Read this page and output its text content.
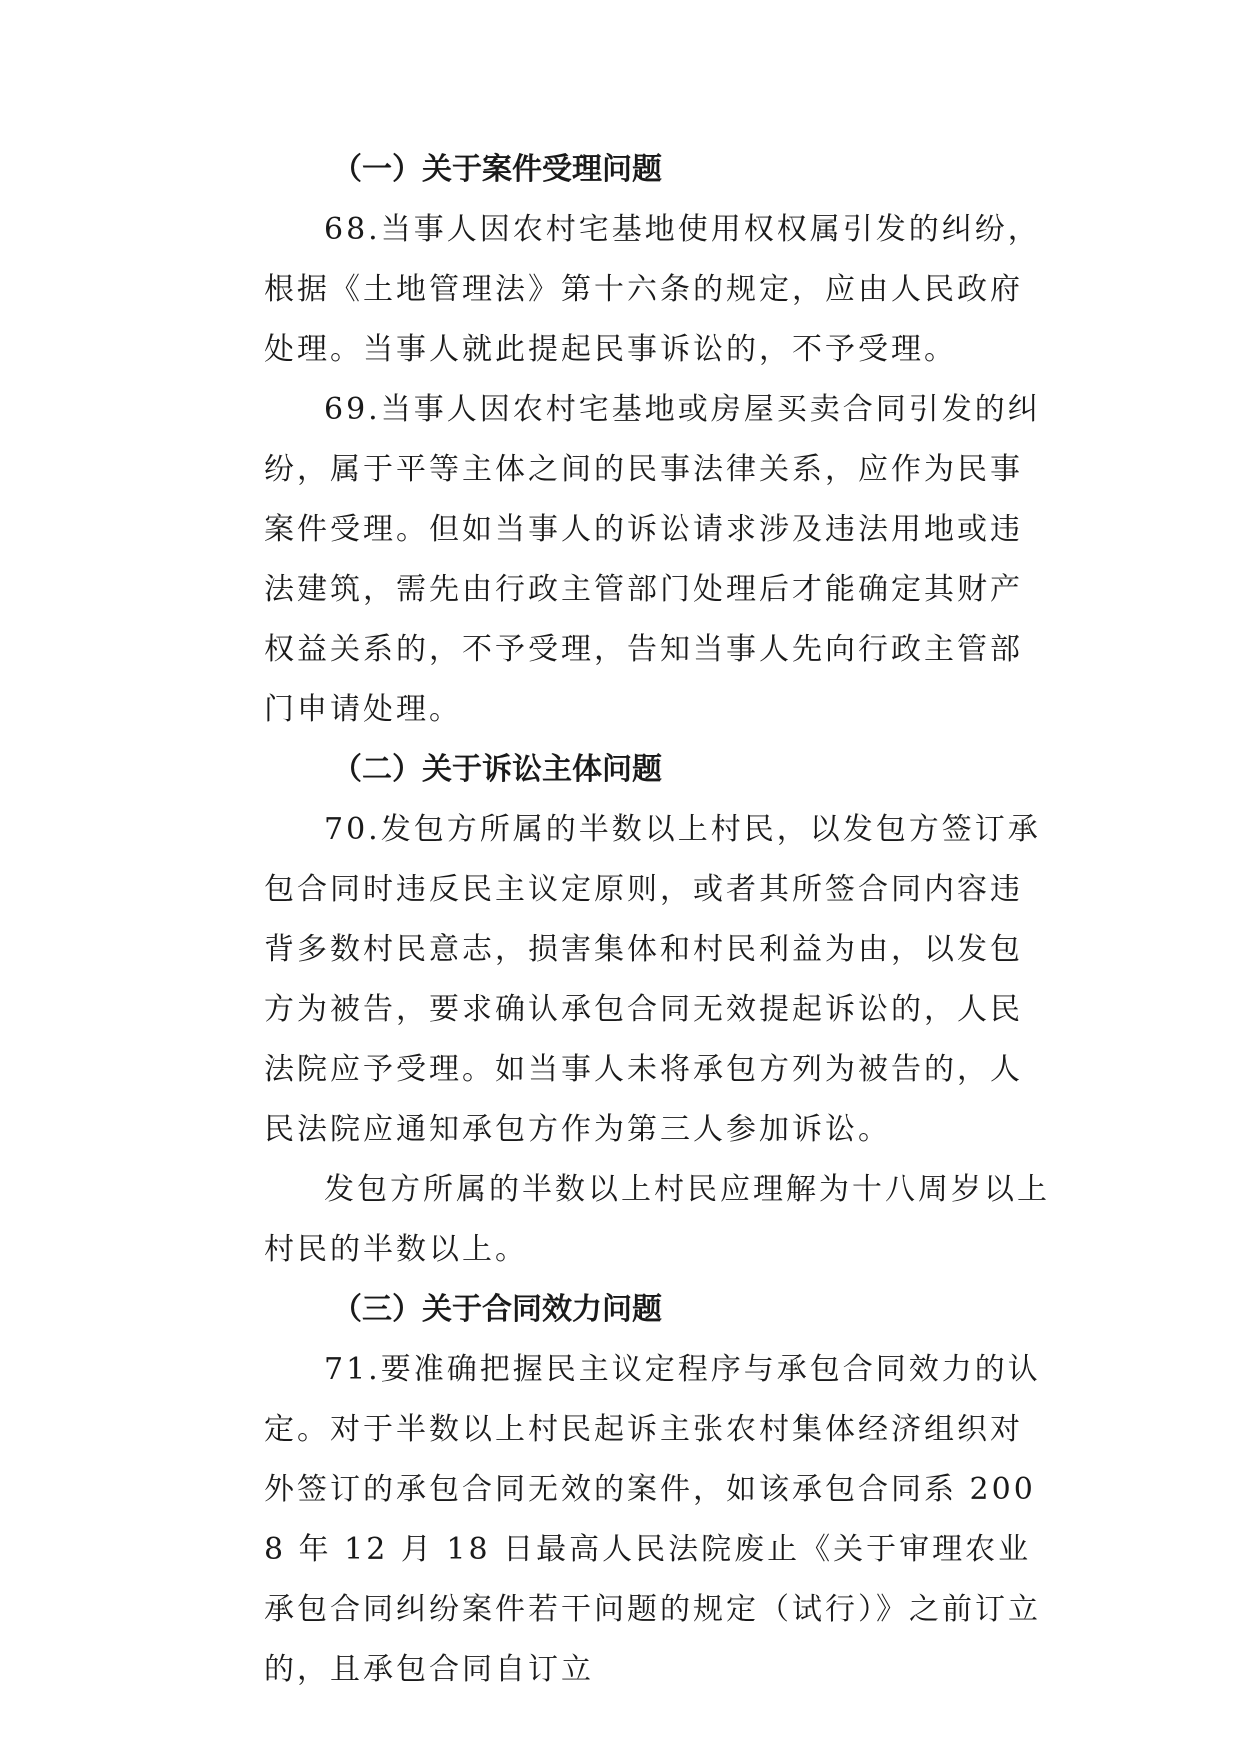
（一）关于案件受理问题

68.当事人因农村宅基地使用权权属引发的纠纷，根据《土地管理法》第十六条的规定，应由人民政府处理。当事人就此提起民事诉讼的，不予受理。

69.当事人因农村宅基地或房屋买卖合同引发的纠纷，属于平等主体之间的民事法律关系，应作为民事案件受理。但如当事人的诉讼请求涉及违法用地或违法建筑，需先由行政主管部门处理后才能确定其财产权益关系的，不予受理，告知当事人先向行政主管部门申请处理。

（二）关于诉讼主体问题

70.发包方所属的半数以上村民，以发包方签订承包合同时违反民主议定原则，或者其所签合同内容违背多数村民意志，损害集体和村民利益为由，以发包方为被告，要求确认承包合同无效提起诉讼的，人民法院应予受理。如当事人未将承包方列为被告的，人民法院应通知承包方作为第三人参加诉讼。

发包方所属的半数以上村民应理解为十八周岁以上村民的半数以上。

（三）关于合同效力问题

71.要准确把握民主议定程序与承包合同效力的认定。对于半数以上村民起诉主张农村集体经济组织对外签订的承包合同无效的案件，如该承包合同系 2008 年 12 月 18 日最高人民法院废止《关于审理农业承包合同纠纷案件若干问题的规定（试行）》之前订立的，且承包合同自订立
